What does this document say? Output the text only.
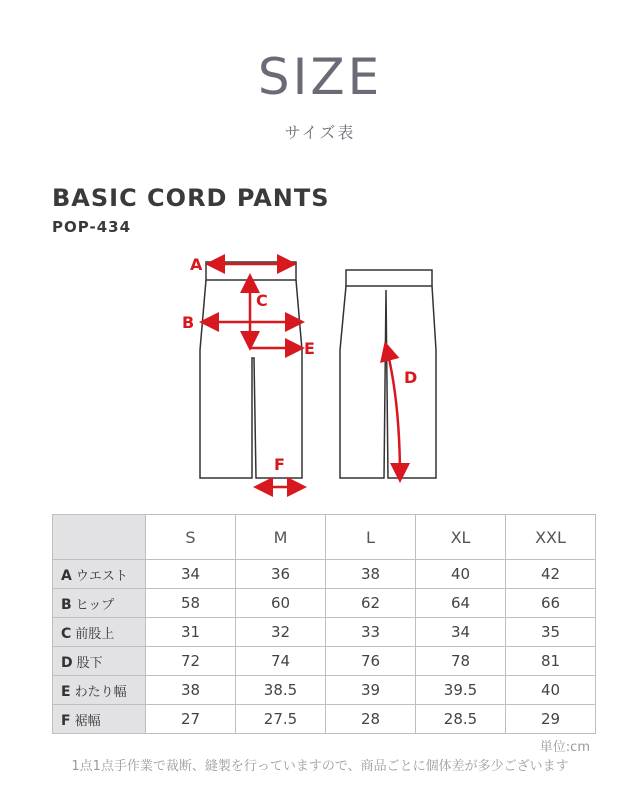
SIZE
サイズ表
BASIC CORD PANTS
POP-434
A
B
C
D
E
F
	S	M	L	XL	XXL
A ウエスト	34	36	38	40	42
B ヒップ	58	60	62	64	66
C 前股上	31	32	33	34	35
D 股下	72	74	76	78	81
E わたり幅	38	38.5	39	39.5	40
F 裾幅	27	27.5	28	28.5	29
単位:cm
1点1点手作業で裁断、縫製を行っていますので、商品ごとに個体差が多少ございます
